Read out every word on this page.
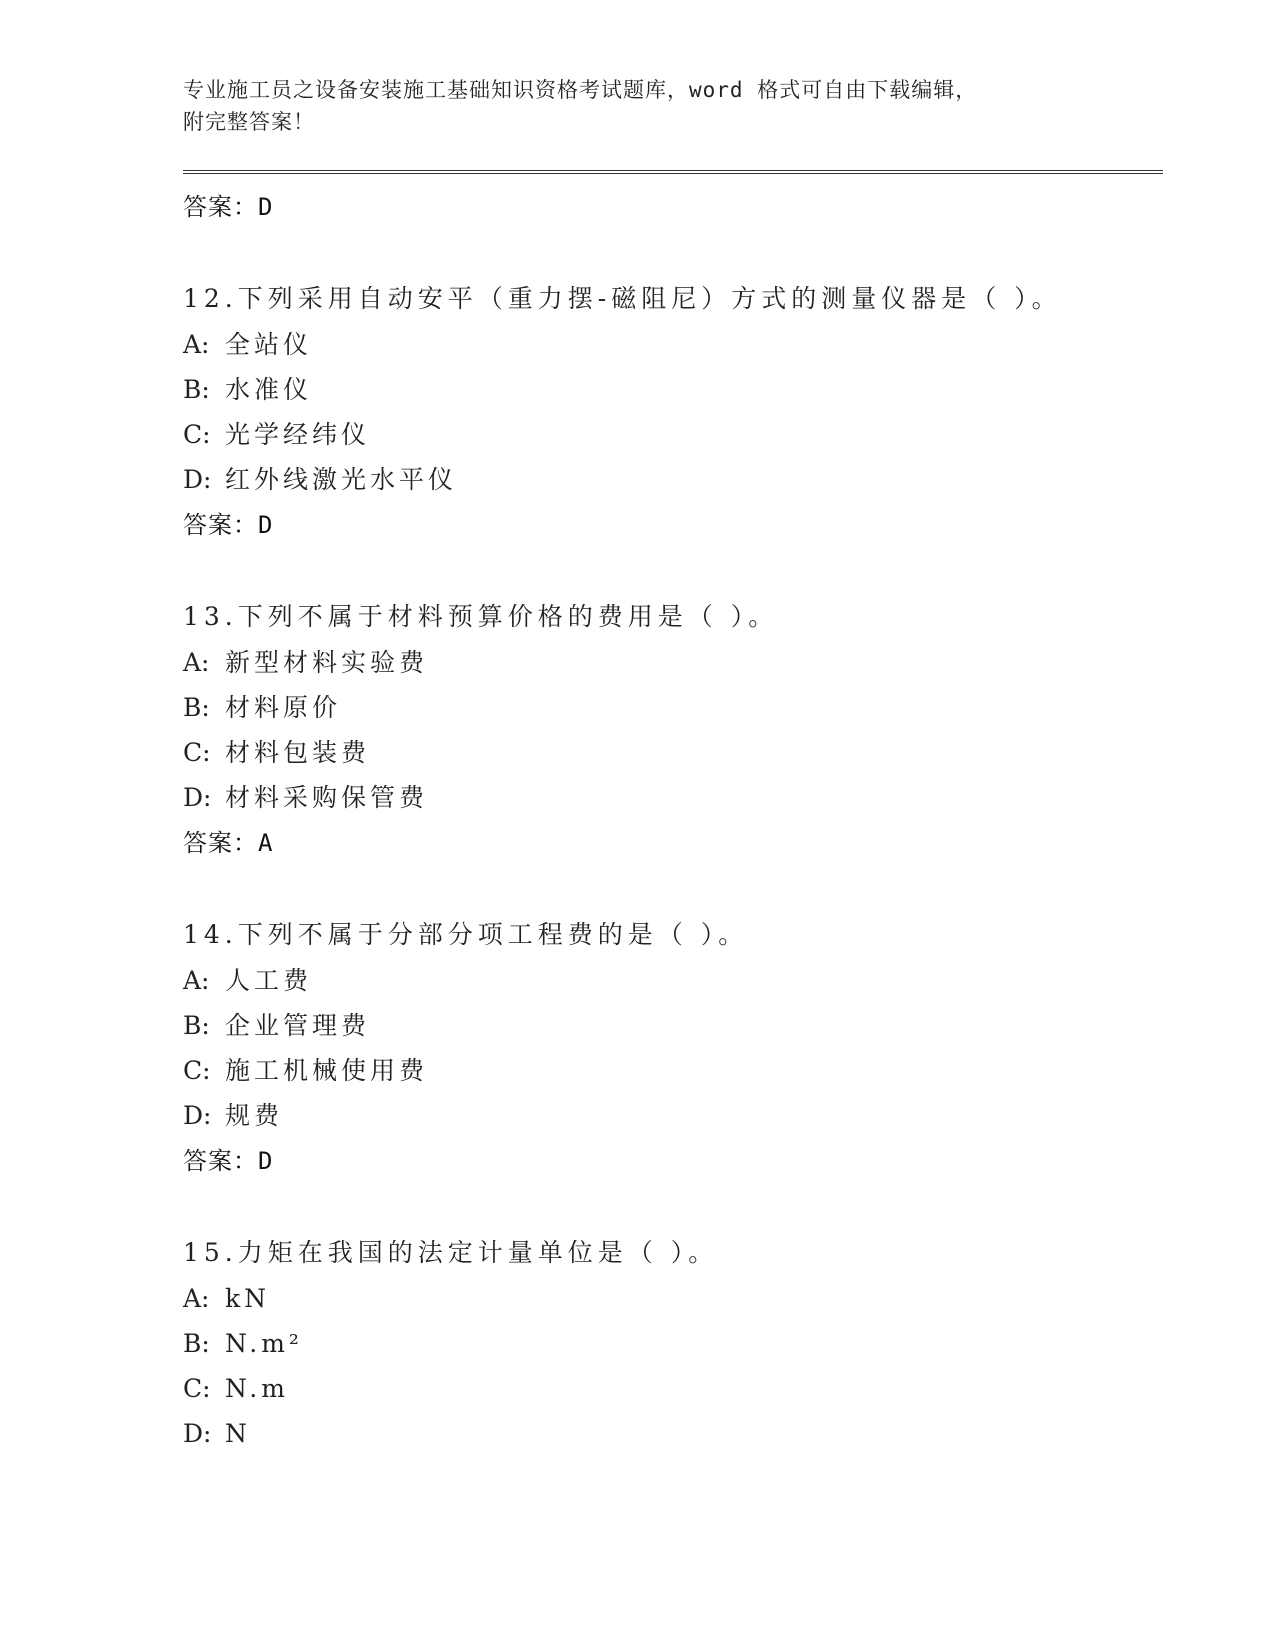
专业施工员之设备安装施工基础知识资格考试题库，word 格式可自由下载编辑，
附完整答案！

答案：D
12.下列采用自动安平（重力摆-磁阻尼）方式的测量仪器是（ ）。
A: 全站仪
B: 水准仪
C: 光学经纬仪
D: 红外线激光水平仪
答案：D
13.下列不属于材料预算价格的费用是（ ）。
A: 新型材料实验费
B: 材料原价
C: 材料包装费
D: 材料采购保管费
答案：A
14.下列不属于分部分项工程费的是（ ）。
A: 人工费
B: 企业管理费
C: 施工机械使用费
D: 规费
答案：D
15.力矩在我国的法定计量单位是（ ）。
A: kN
B: N.m²
C: N.m
D: N
